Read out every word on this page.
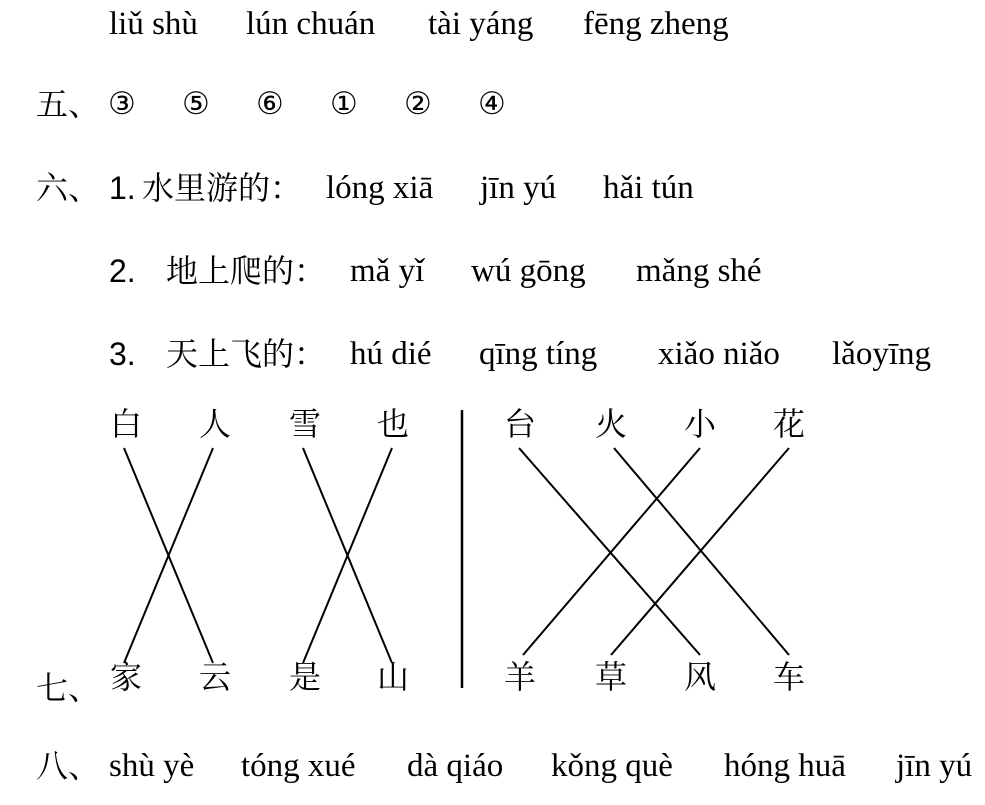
liǔ shù lún chuán tài yáng fēng zheng
五、 ③ ⑤ ⑥ ① ② ④
六、 1. 水里游的： lóng xiā jīn yú hǎi tún
2. 地上爬的： mǎ yǐ wú gōng mǎng shé
3. 天上飞的： hú dié qīng tíng xiǎo niǎo lǎoyīng
白 人 雪 也	台 火 小 花
七、 家 云 是 山	羊 草 风 车
八、 shù yè tóng xué dà qiáo kǒng què hóng huā jīn yú
